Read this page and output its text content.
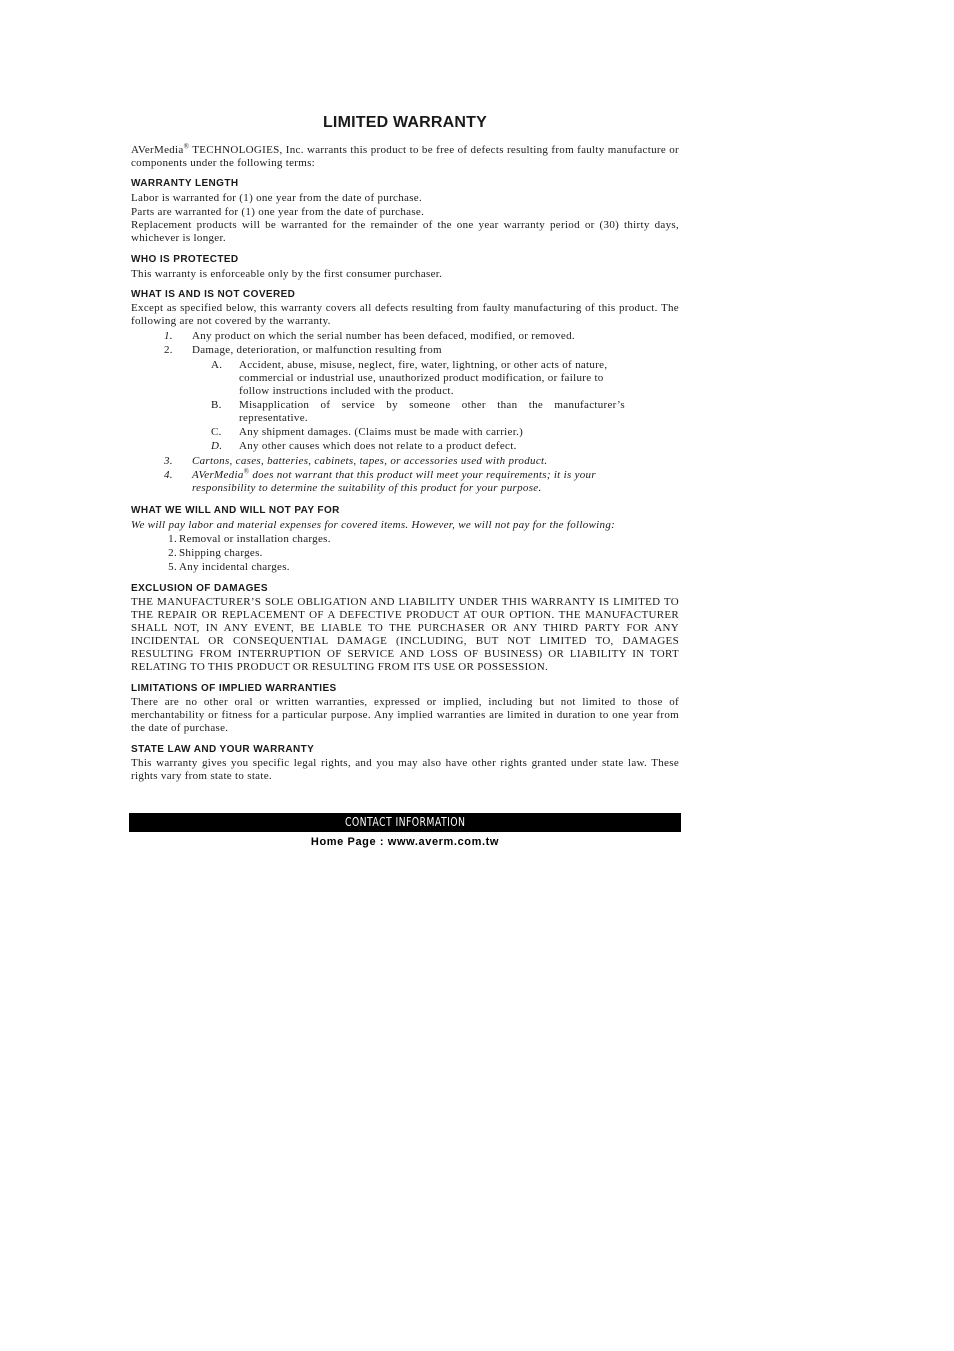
LIMITED WARRANTY

AVerMedia® TECHNOLOGIES, Inc. warrants this product to be free of defects resulting from faulty manufacture or components under the following terms:

WARRANTY LENGTH

Labor is warranted for (1) one year from the date of purchase.

Parts are warranted for (1) one year from the date of purchase.

Replacement products will be warranted for the remainder of the one year warranty period or (30) thirty days, whichever is longer.

WHO IS PROTECTED

This warranty is enforceable only by the first consumer purchaser.

WHAT IS AND IS NOT COVERED

Except as specified below, this warranty covers all defects resulting from faulty manufacturing of this product. The following are not covered by the warranty.

1.	Any product on which the serial number has been defaced, modified, or removed.
2.	Damage, deterioration, or malfunction resulting from
A.	Accident, abuse, misuse, neglect, fire, water, lightning, or other acts of nature, commercial or industrial use, unauthorized product modification, or failure to follow instructions included with the product.
B.	Misapplication of service by someone other than the manufacturer’s representative.
C.	Any shipment damages. (Claims must be made with carrier.)
D.	Any other causes which does not relate to a product defect.
3.	Cartons, cases, batteries, cabinets, tapes, or accessories used with product.
4.	AVerMedia® does not warrant that this product will meet your requirements; it is your responsibility to determine the suitability of this product for your purpose.
WHAT WE WILL AND WILL NOT PAY FOR

We will pay labor and material expenses for covered items. However, we will not pay for the following:

1. Removal or installation charges.
2. Shipping charges.
5. Any incidental charges.
EXCLUSION OF DAMAGES

THE MANUFACTURER’S SOLE OBLIGATION AND LIABILITY UNDER THIS WARRANTY IS LIMITED TO THE REPAIR OR REPLACEMENT OF A DEFECTIVE PRODUCT AT OUR OPTION. THE MANUFACTURER SHALL NOT, IN ANY EVENT, BE LIABLE TO THE PURCHASER OR ANY THIRD PARTY FOR ANY INCIDENTAL OR CONSEQUENTIAL DAMAGE (INCLUDING, BUT NOT LIMITED TO, DAMAGES RESULTING FROM INTERRUPTION OF SERVICE AND LOSS OF BUSINESS) OR LIABILITY IN TORT RELATING TO THIS PRODUCT OR RESULTING FROM ITS USE OR POSSESSION.

LIMITATIONS OF IMPLIED WARRANTIES

There are no other oral or written warranties, expressed or implied, including but not limited to those of merchantability or fitness for a particular purpose. Any implied warranties are limited in duration to one year from the date of purchase.

STATE LAW AND YOUR WARRANTY

This warranty gives you specific legal rights, and you may also have other rights granted under state law. These rights vary from state to state.

CONTACT INFORMATION
Home Page : www.averm.com.tw
